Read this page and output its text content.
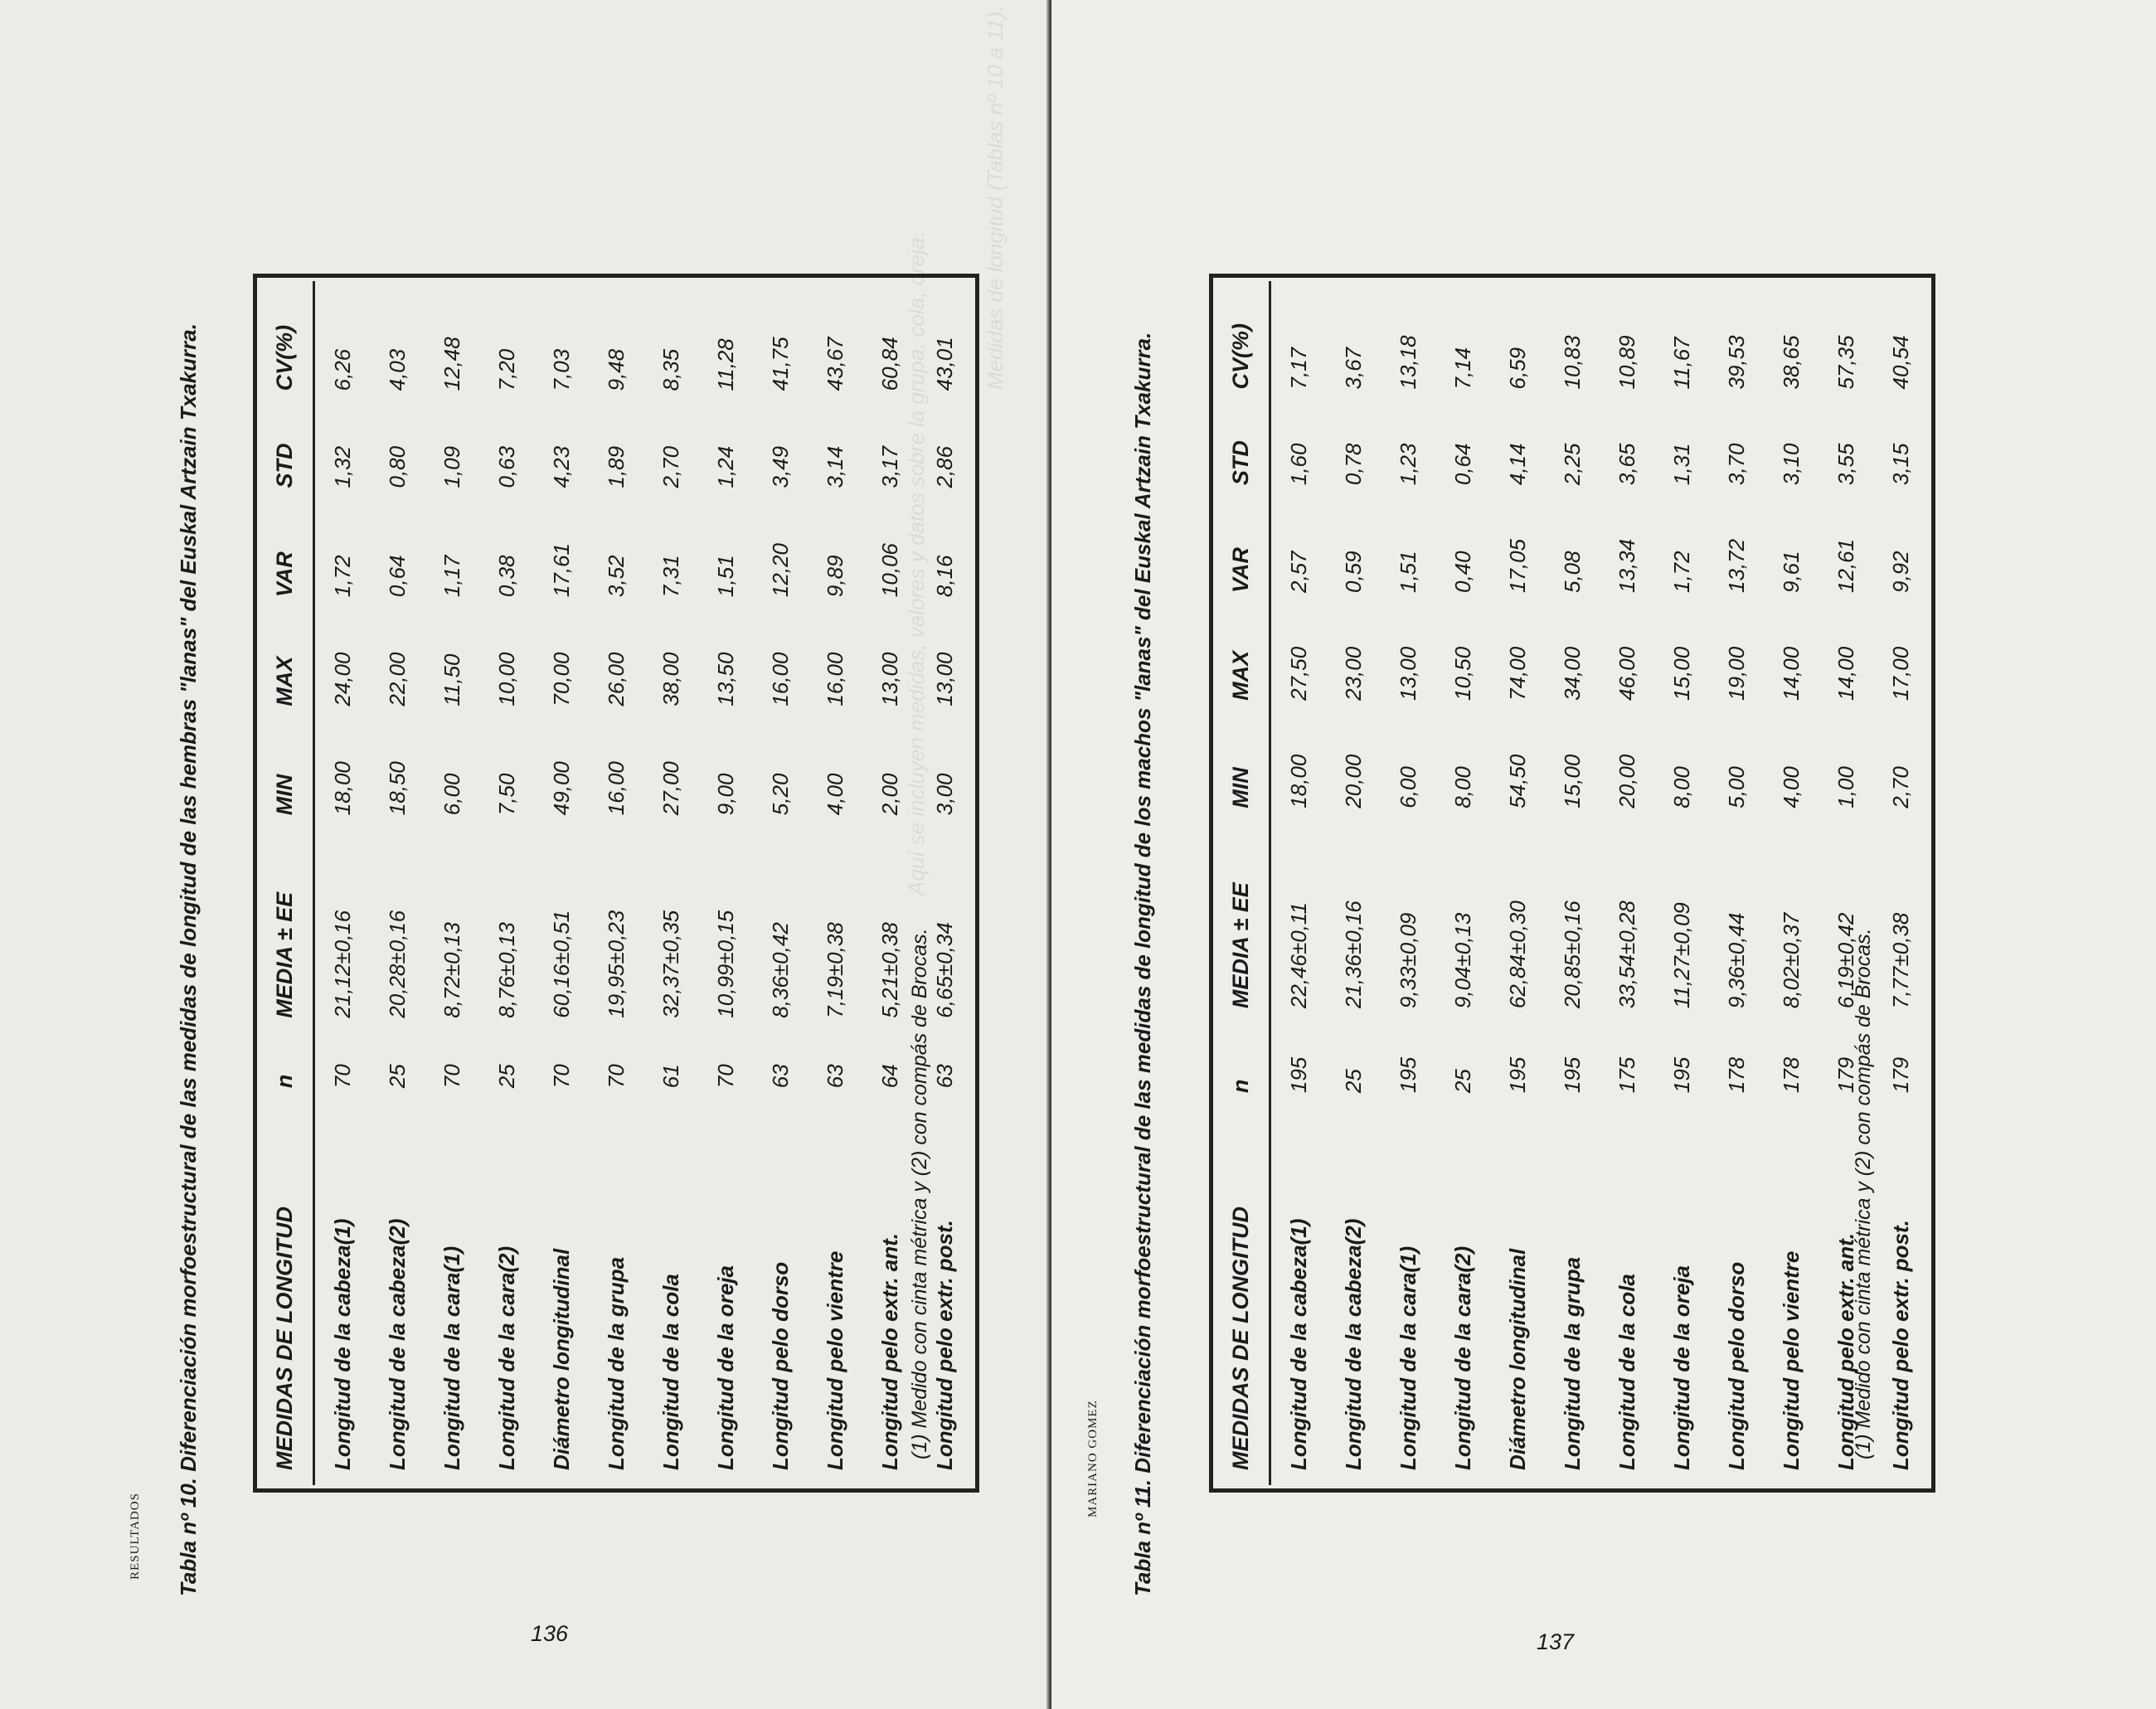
Medidas de longitud (Tablas nº 10 a 11).
Aquí se incluyen medidas, valores y datos sobre la grupa, cola, oreja.
RESULTADOS Tabla nº 10. Diferenciación morfoestructural de las medidas de longitud de las hembras "lanas" del Euskal Artzain Txakurra.	MEDIDAS DE LONGITUD	n	MEDIA ± EE	MIN	MAX	VAR	STD	CV(%)
Longitud de la cabeza(1)	70	21,12±0,16	18,00	24,00	1,72	1,32	6,26
Longitud de la cabeza(2)	25	20,28±0,16	18,50	22,00	0,64	0,80	4,03
Longitud de la cara(1)	70	8,72±0,13	6,00	11,50	1,17	1,09	12,48
Longitud de la cara(2)	25	8,76±0,13	7,50	10,00	0,38	0,63	7,20
Diámetro longitudinal	70	60,16±0,51	49,00	70,00	17,61	4,23	7,03
Longitud de la grupa	70	19,95±0,23	16,00	26,00	3,52	1,89	9,48
Longitud de la cola	61	32,37±0,35	27,00	38,00	7,31	2,70	8,35
Longitud de la oreja	70	10,99±0,15	9,00	13,50	1,51	1,24	11,28
Longitud pelo dorso	63	8,36±0,42	5,20	16,00	12,20	3,49	41,75
Longitud pelo vientre	63	7,19±0,38	4,00	16,00	9,89	3,14	43,67
Longitud pelo extr. ant.	64	5,21±0,38	2,00	13,00	10,06	3,17	60,84
Longitud pelo extr. post.	63	6,65±0,34	3,00	13,00	8,16	2,86	43,01
(1) Medido con cinta métrica y (2) con compás de Brocas.
136
MARIANO GOMEZ Tabla nº 11. Diferenciación morfoestructural de las medidas de longitud de los machos "lanas" del Euskal Artzain Txakurra.	MEDIDAS DE LONGITUD	n	MEDIA ± EE	MIN	MAX	VAR	STD	CV(%)
Longitud de la cabeza(1)	195	22,46±0,11	18,00	27,50	2,57	1,60	7,17
Longitud de la cabeza(2)	25	21,36±0,16	20,00	23,00	0,59	0,78	3,67
Longitud de la cara(1)	195	9,33±0,09	6,00	13,00	1,51	1,23	13,18
Longitud de la cara(2)	25	9,04±0,13	8,00	10,50	0,40	0,64	7,14
Diámetro longitudinal	195	62,84±0,30	54,50	74,00	17,05	4,14	6,59
Longitud de la grupa	195	20,85±0,16	15,00	34,00	5,08	2,25	10,83
Longitud de la cola	175	33,54±0,28	20,00	46,00	13,34	3,65	10,89
Longitud de la oreja	195	11,27±0,09	8,00	15,00	1,72	1,31	11,67
Longitud pelo dorso	178	9,36±0,44	5,00	19,00	13,72	3,70	39,53
Longitud pelo vientre	178	8,02±0,37	4,00	14,00	9,61	3,10	38,65
Longitud pelo extr. ant.	179	6,19±0,42	1,00	14,00	12,61	3,55	57,35
Longitud pelo extr. post.	179	7,77±0,38	2,70	17,00	9,92	3,15	40,54
(1) Medido con cinta métrica y (2) con compás de Brocas.
137
